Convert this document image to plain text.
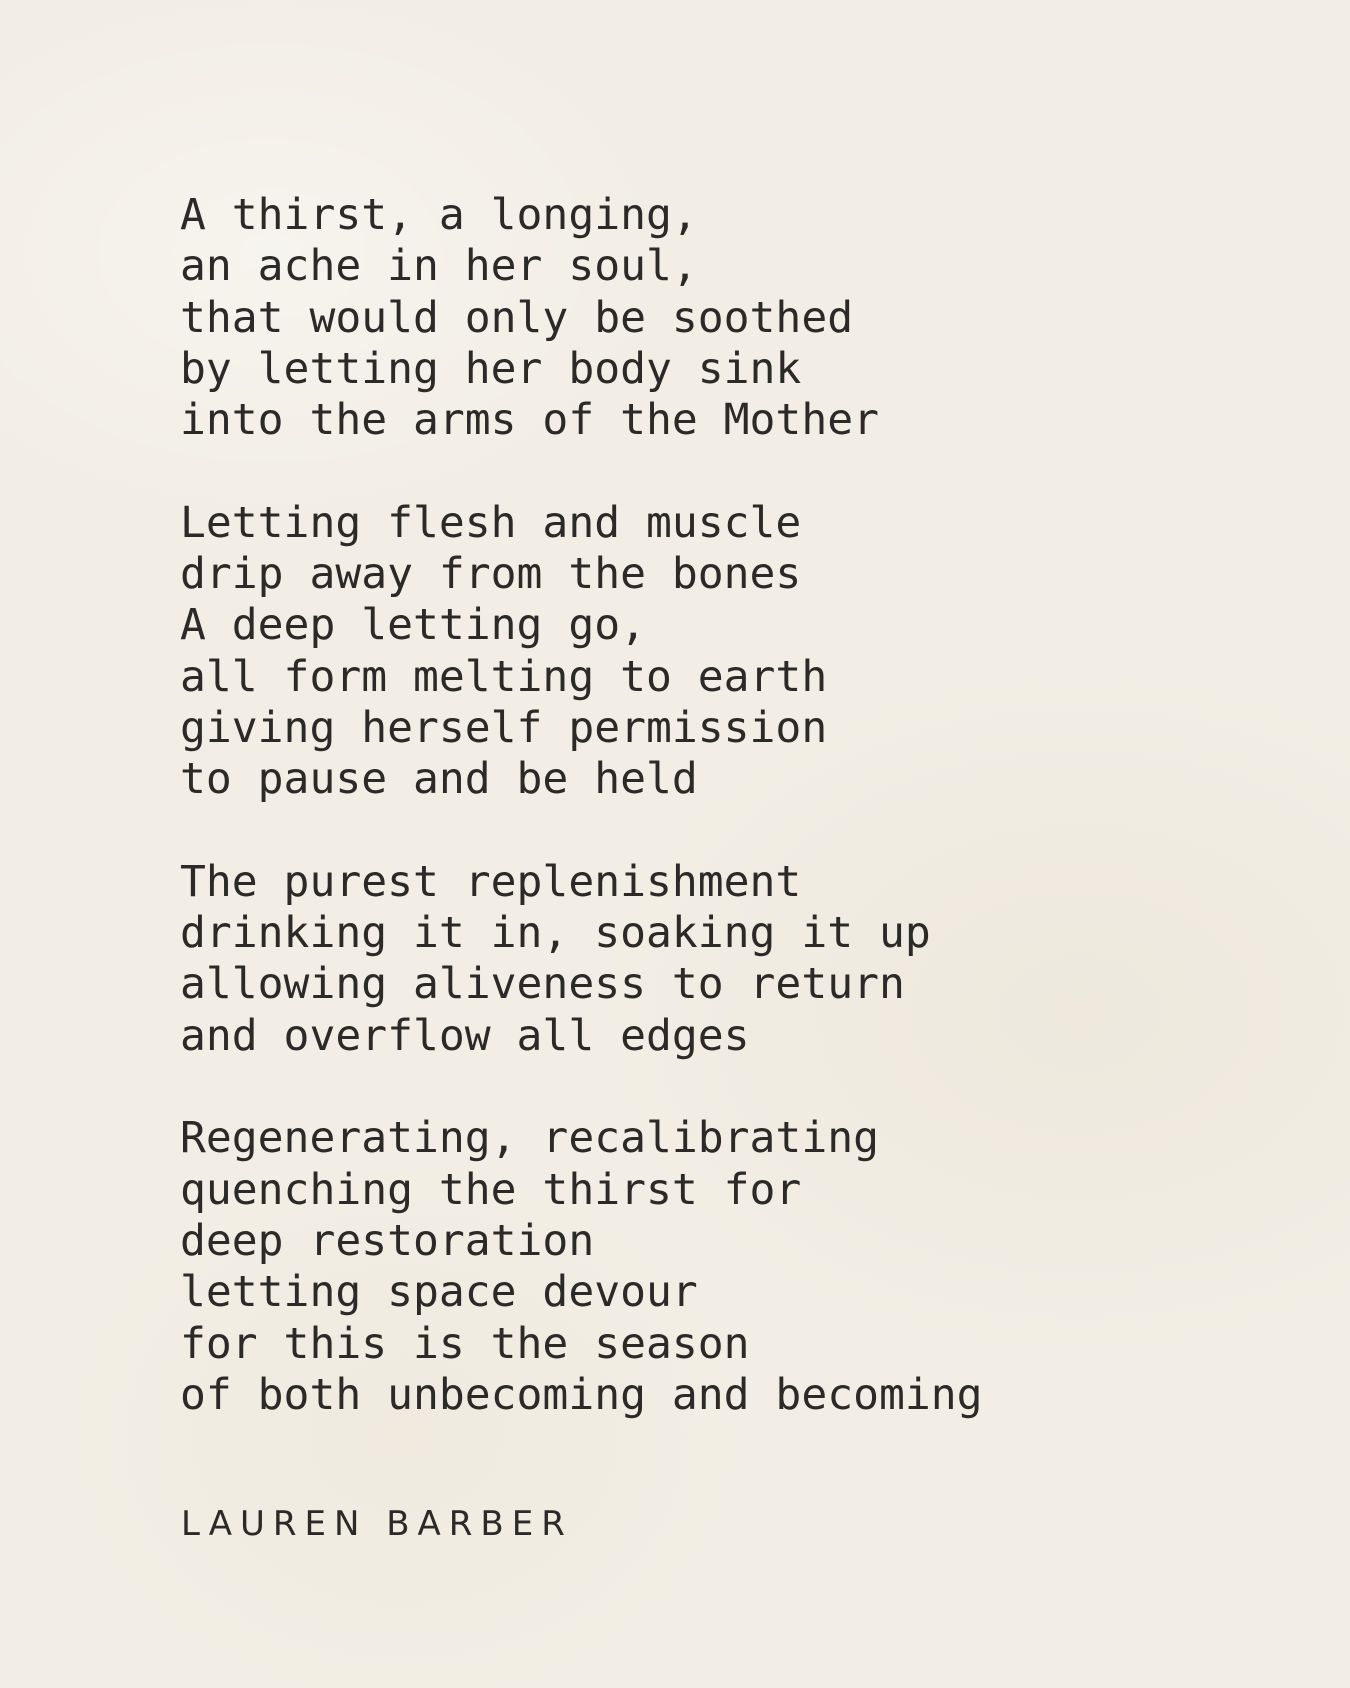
A thirst, a longing,
an ache in her soul,
that would only be soothed
by letting her body sink
into the arms of the Mother
Letting flesh and muscle
drip away from the bones
A deep letting go,
all form melting to earth
giving herself permission
to pause and be held
The purest replenishment
drinking it in, soaking it up
allowing aliveness to return
and overflow all edges
Regenerating, recalibrating
quenching the thirst for
deep restoration
letting space devour
for this is the season
of both unbecoming and becoming
LAUREN BARBER
